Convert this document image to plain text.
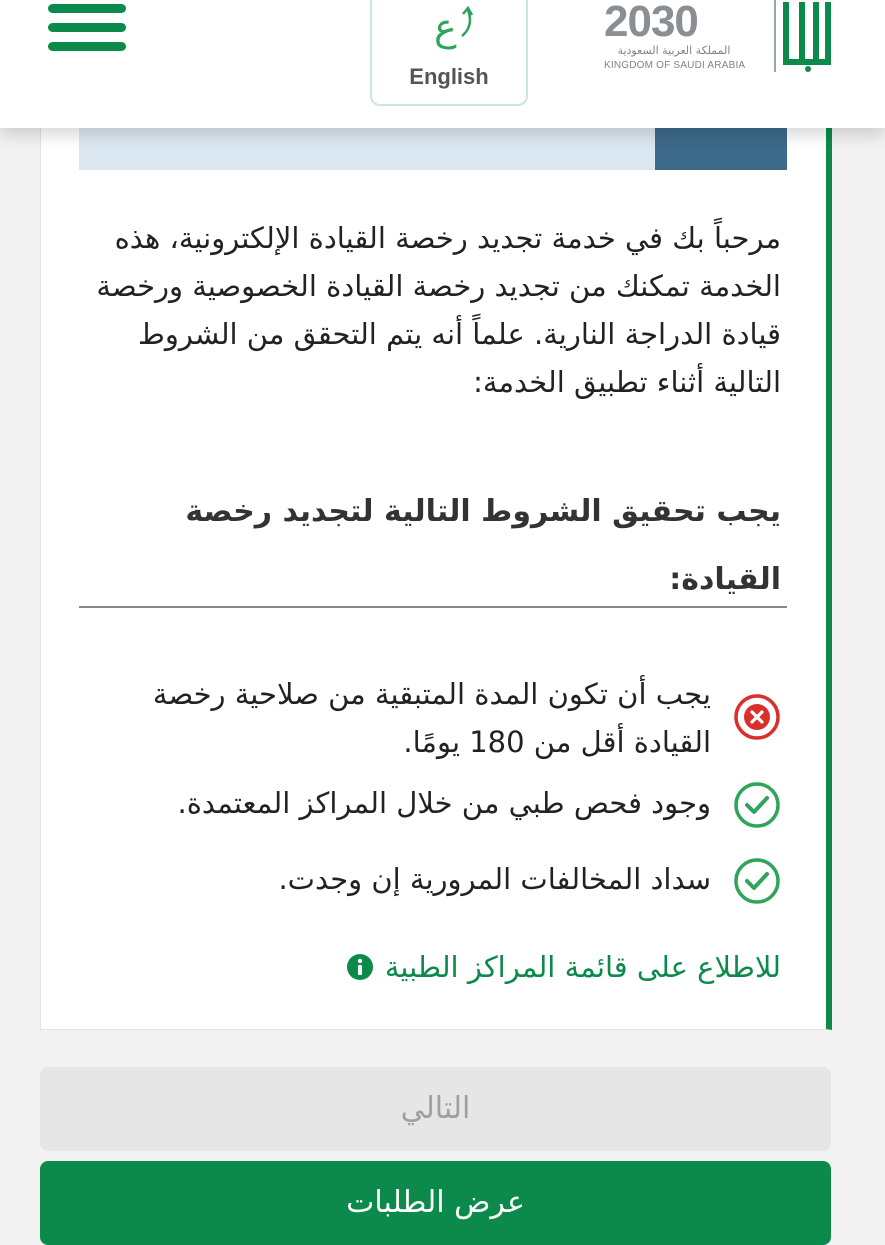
ع
English
2030
المملكة العربية السعودية
KINGDOM OF SAUDI ARABIA
مرحباً بك في خدمة تجديد رخصة القيادة الإلكترونية، هذه الخدمة تمكنك من تجديد رخصة القيادة الخصوصية ورخصة قيادة الدراجة النارية. علماً أنه يتم التحقق من الشروط التالية أثناء تطبيق الخدمة:
يجب تحقيق الشروط التالية لتجديد رخصة القيادة:
يجب أن تكون المدة المتبقية من صلاحية رخصة القيادة أقل من 180 يومًا.
وجود فحص طبي من خلال المراكز المعتمدة.
سداد المخالفات المرورية إن وجدت.
للاطلاع على قائمة المراكز الطبية
التالي
عرض الطلبات
